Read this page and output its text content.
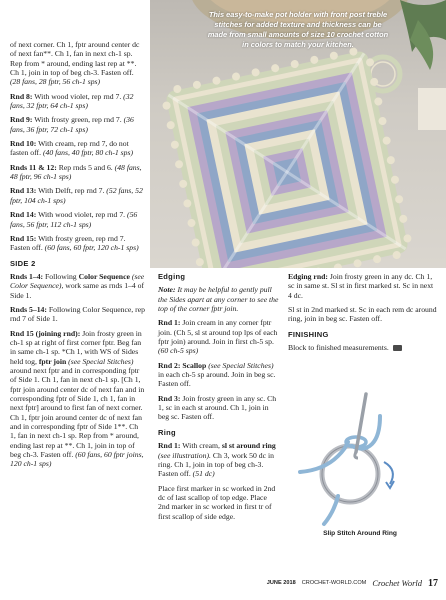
This easy-to-make pot holder with front post treble stitches for added texture and thickness can be made from small amounts of size 10 crochet cotton in colors to match your kitchen.

of next corner. Ch 1, fptr around center dc of next fan**. Ch 1, fan in next ch-1 sp. Rep from * around, ending last rep at **. Ch 1, join in top of beg ch-3. Fasten off. (28 fans, 28 fptr, 56 ch-1 sps)

Rnd 8: With wood violet, rep rnd 7. (32 fans, 32 fptr, 64 ch-1 sps)

Rnd 9: With frosty green, rep rnd 7. (36 fans, 36 fptr, 72 ch-1 sps)

Rnd 10: With cream, rep rnd 7, do not fasten off. (40 fans, 40 fptr, 80 ch-1 sps)

Rnds 11 & 12: Rep rnds 5 and 6. (48 fans, 48 fptr, 96 ch-1 sps)

Rnd 13: With Delft, rep rnd 7. (52 fans, 52 fptr, 104 ch-1 sps)

Rnd 14: With wood violet, rep rnd 7. (56 fans, 56 fptr, 112 ch-1 sps)

Rnd 15: With frosty green, rep rnd 7. Fasten off. (60 fans, 60 fptr, 120 ch-1 sps)

SIDE 2

Rnds 1–4: Following Color Sequence (see Color Sequence), work same as rnds 1–4 of Side 1.

Rnds 5–14: Following Color Sequence, rep rnd 7 of Side 1.

Rnd 15 (joining rnd): Join frosty green in ch-1 sp at right of first corner fptr. Beg fan in same ch-1 sp. *Ch 1, with WS of Sides held tog, fptr join (see Special Stitches) around next fptr and in corresponding fptr of Side 1. Ch 1, fan in next ch-1 sp. [Ch 1, fptr join around center dc of next fan and in corresponding fptr of Side 1, ch 1, fan in next fptr] around to first fan of next corner. Ch 1, fptr join around center dc of next fan and in corresponding fptr of Side 1**. Ch 1, fan in next ch-1 sp. Rep from * around, ending last rep at **. Ch 1, join in top of beg ch-3. Fasten off. (60 fans, 60 fptr joins, 120 ch-1 sps)

Edging

Note: It may be helpful to gently pull the Sides apart at any corner to see the top of the corner fptr join.

Rnd 1: Join cream in any corner fptr join. (Ch 5, sl st around top lps of each fptr join) around. Join in first ch-5 sp. (60 ch-5 sps)

Rnd 2: Scallop (see Special Stitches) in each ch-5 sp around. Join in beg sc. Fasten off.

Rnd 3: Join frosty green in any sc. Ch 1, sc in each st around. Ch 1, join in beg sc. Fasten off.

Ring

Rnd 1: With cream, sl st around ring (see illustration). Ch 3, work 50 dc in ring. Ch 1, join in top of beg ch-3. Fasten off. (51 dc)

Place first marker in sc worked in 2nd dc of last scallop of top edge. Place 2nd marker in sc worked in first tr of first scallop of side edge.

Edging rnd: Join frosty green in any dc. Ch 1, sc in same st. Sl st in first marked st. Sc in next 4 dc.

Sl st in 2nd marked st. Sc in each rem dc around ring, join in beg sc. Fasten off.

FINISHING

Block to finished measurements.

Slip Stitch Around Ring
JUNE 2018 CROCHET-WORLD.COM Crochet World 17
